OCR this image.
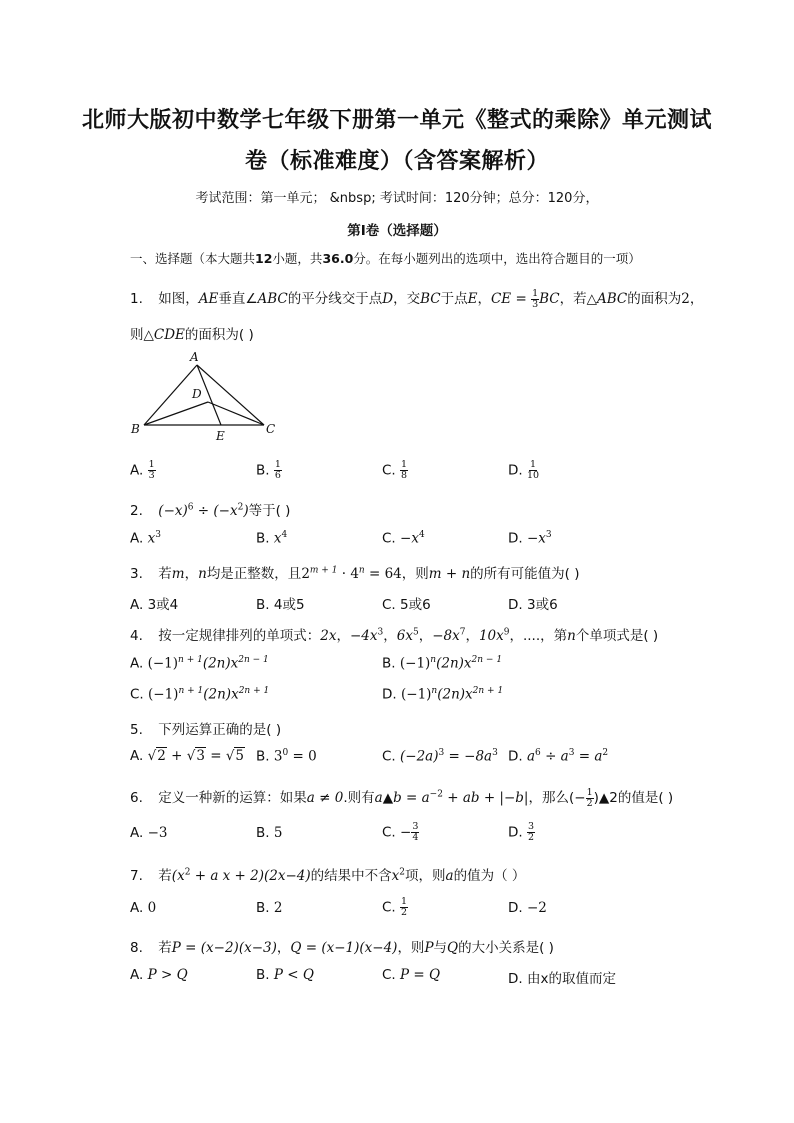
北师大版初中数学七年级下册第一单元《整式的乘除》单元测试
卷（标准难度）（含答案解析）
考试范围：第一单元； &nbsp; 考试时间：120分钟；总分：120分，
第Ⅰ卷（选择题）
一、选择题（本大题共12小题，共36.0分。在每小题列出的选项中，选出符合题目的一项）
1. 如图，AE垂直∠ABC的平分线交于点D，交BC于点E，CE = $\frac{1}{3}$ BC，若△ABC的面积为2，
则△CDE的面积为( )
A
B	C
D
E
A. $\frac{1}{3}$	B. $\frac{1}{6}$	C. $\frac{1}{8}$	D. $\frac{1}{10}$
2. $(-x)^6 \div (-x^2)$等于( )
A. $x^3$	B. $x^4$	C. $-x^4$	D. $-x^3$
3. 若m，n均是正整数，且$2^{m + 1} \cdot 4^n = 64$，则m + n的所有可能值为( )
A. 3或4	B. 4或5	C. 5或6	D. 3或6
4. 按一定规律排列的单项式：2x，$-4x^3$，$6x^5$，$-8x^7$，$10x^9$，....，第n个单项式是( )
A. $(-1)^{n + 1}(2n)x^{2n - 1}$	B. $(-1)^n(2n)x^{2n - 1}$
C. $(-1)^{n + 1}(2n)x^{2n + 1}$	D. $(-1)^n(2n)x^{2n + 1}$
5. 下列运算正确的是( )
A. √2 + √3 = √5 B. $3^0 = 0$	C. $(-2a)^3 = -8a^3$ D. $a^6 \div a^3 = a^2$
6. 定义一种新的运算：如果a ≠ 0.则有a▲b = $a^{-2}$ + ab + |−b|，那么(− $\frac{1}{2}$ )▲2的值是( )
A. −3	B. 5	C. − $\frac{3}{4}$	D. $\frac{3}{2}$
7. 若($x^2 + a$ x + 2)(2x−4)的结果中不含$x^2$项，则a的值为（ ）
A. 0	B. 2	C. $\frac{1}{2}$	D. −2
8. 若P = (x−2)(x−3)，Q = (x−1)(x−4)，则P与Q的大小关系是( )
A. P > Q	B. P < Q	C. P = Q	D. 由x的取值而定
